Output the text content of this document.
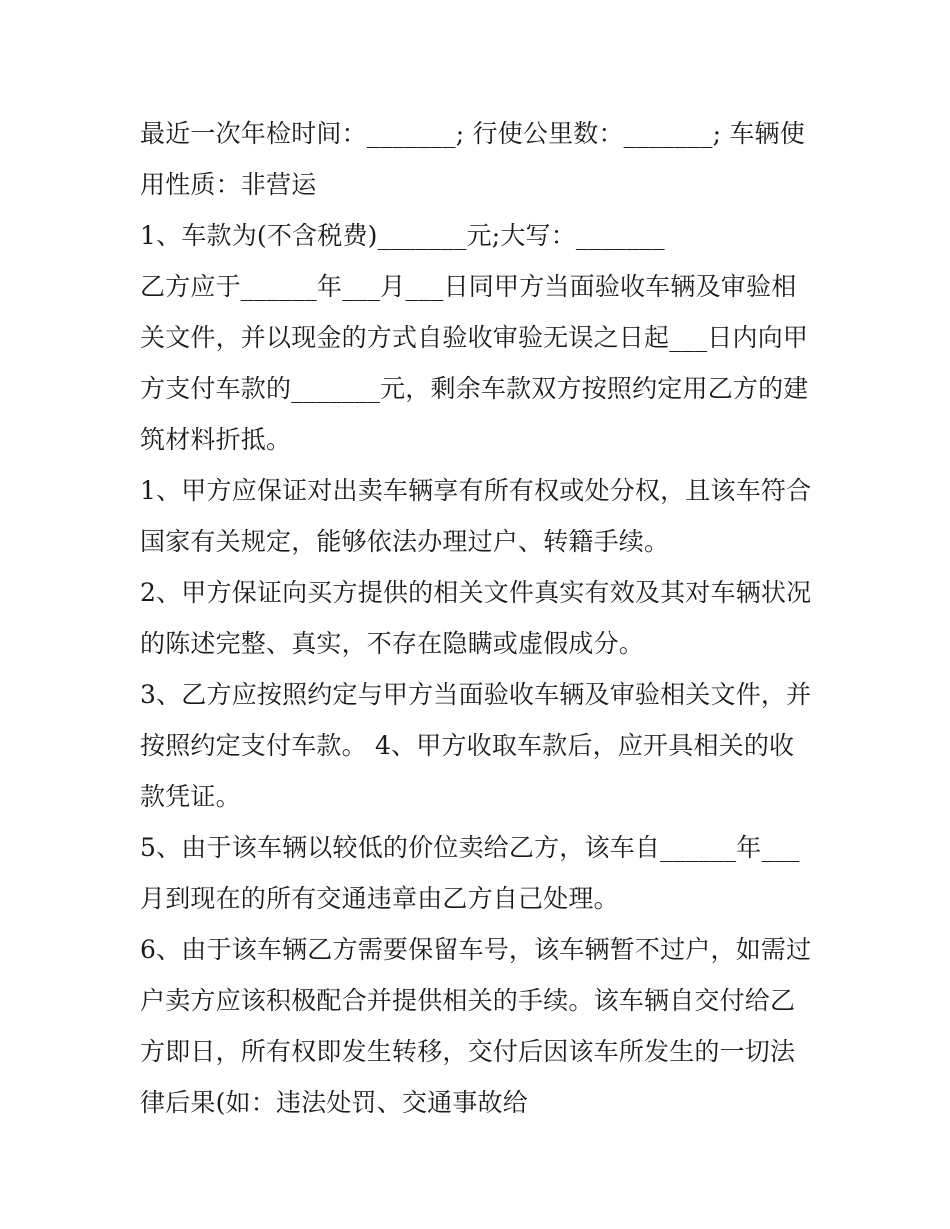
最近一次年检时间：_______; 行使公里数：_______; 车辆使用性质：非营运

1、车款为(不含税费)_______元;大写：_______

乙方应于______年___月___日同甲方当面验收车辆及审验相关文件，并以现金的方式自验收审验无误之日起___日内向甲方支付车款的_______元，剩余车款双方按照约定用乙方的建筑材料折抵。

1、甲方应保证对出卖车辆享有所有权或处分权，且该车符合国家有关规定，能够依法办理过户、转籍手续。

2、甲方保证向买方提供的相关文件真实有效及其对车辆状况的陈述完整、真实，不存在隐瞒或虚假成分。

3、乙方应按照约定与甲方当面验收车辆及审验相关文件，并按照约定支付车款。 4、甲方收取车款后，应开具相关的收款凭证。

5、由于该车辆以较低的价位卖给乙方，该车自______年___月到现在的所有交通违章由乙方自己处理。

6、由于该车辆乙方需要保留车号，该车辆暂不过户，如需过户卖方应该积极配合并提供相关的手续。该车辆自交付给乙方即日，所有权即发生转移，交付后因该车所发生的一切法律后果(如：违法处罚、交通事故给
